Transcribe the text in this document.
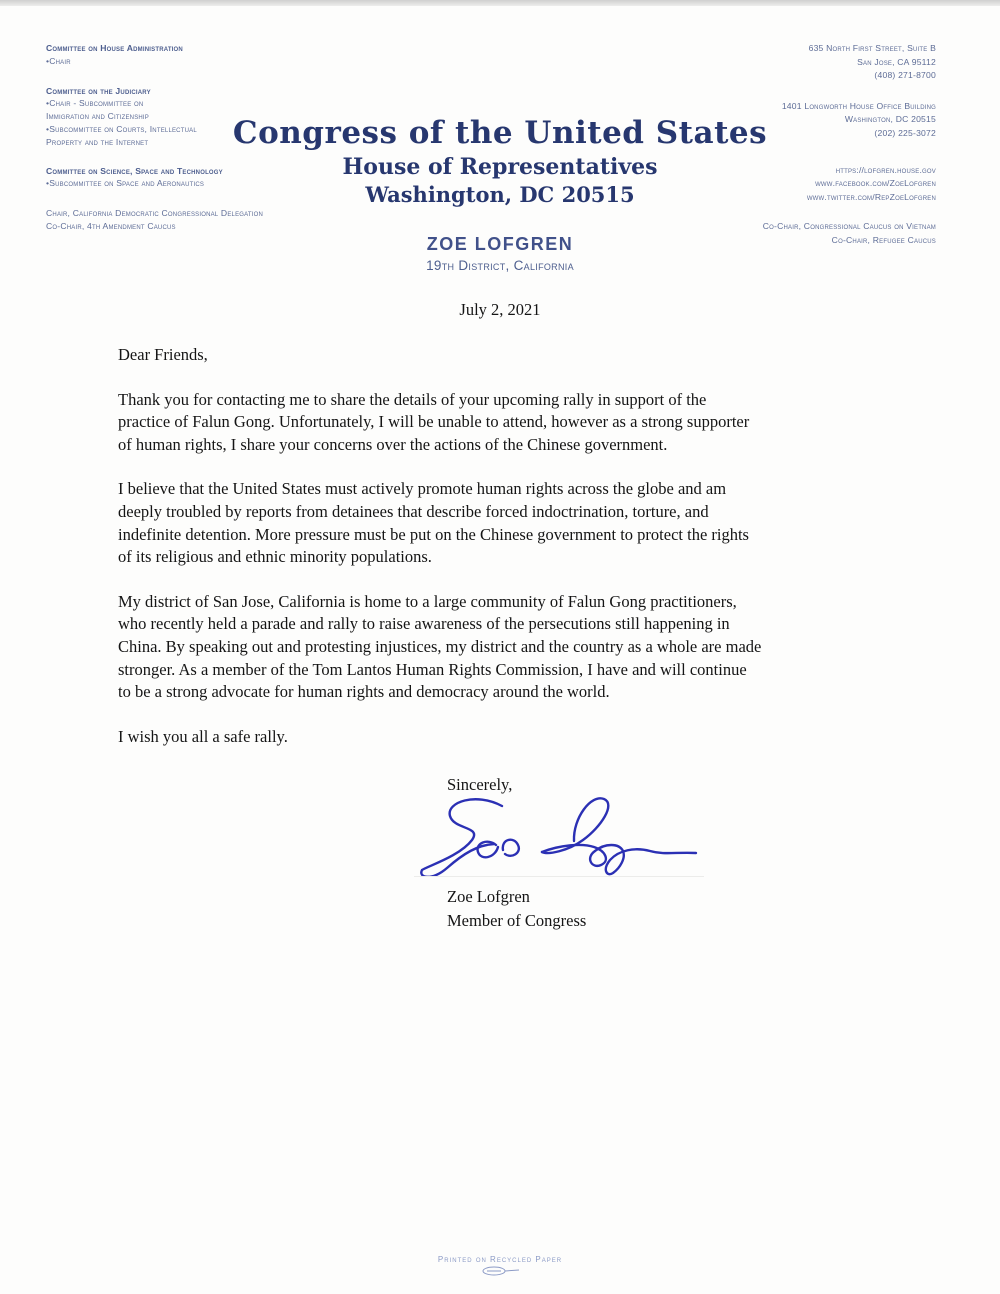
Committee on House Administration
•Chair
Committee on the Judiciary
•Chair - Subcommittee on
Immigration and Citizenship
•Subcommittee on Courts, Intellectual
Property and the Internet
Committee on Science, Space and Technology
•Subcommittee on Space and Aeronautics
Chair, California Democratic Congressional Delegation
Co-Chair, 4th Amendment Caucus
635 North First Street, Suite B
San Jose, CA 95112
(408) 271-8700
1401 Longworth House Office Building
Washington, DC 20515
(202) 225-3072
https://lofgren.house.gov
www.facebook.com/ZoeLofgren
www.twitter.com/RepZoeLofgren
Co-Chair, Congressional Caucus on Vietnam
Co-Chair, Refugee Caucus
Congress of the United States
House of Representatives
Washington, DC 20515
ZOE LOFGREN
19th District, California
July 2, 2021
Dear Friends,
Thank you for contacting me to share the details of your upcoming rally in support of the
practice of Falun Gong. Unfortunately, I will be unable to attend, however as a strong supporter
of human rights, I share your concerns over the actions of the Chinese government.
I believe that the United States must actively promote human rights across the globe and am
deeply troubled by reports from detainees that describe forced indoctrination, torture, and
indefinite detention. More pressure must be put on the Chinese government to protect the rights
of its religious and ethnic minority populations.
My district of San Jose, California is home to a large community of Falun Gong practitioners,
who recently held a parade and rally to raise awareness of the persecutions still happening in
China. By speaking out and protesting injustices, my district and the country as a whole are made
stronger. As a member of the Tom Lantos Human Rights Commission, I have and will continue
to be a strong advocate for human rights and democracy around the world.
I wish you all a safe rally.
Sincerely,
Zoe Lofgren
Member of Congress
Printed on Recycled Paper
